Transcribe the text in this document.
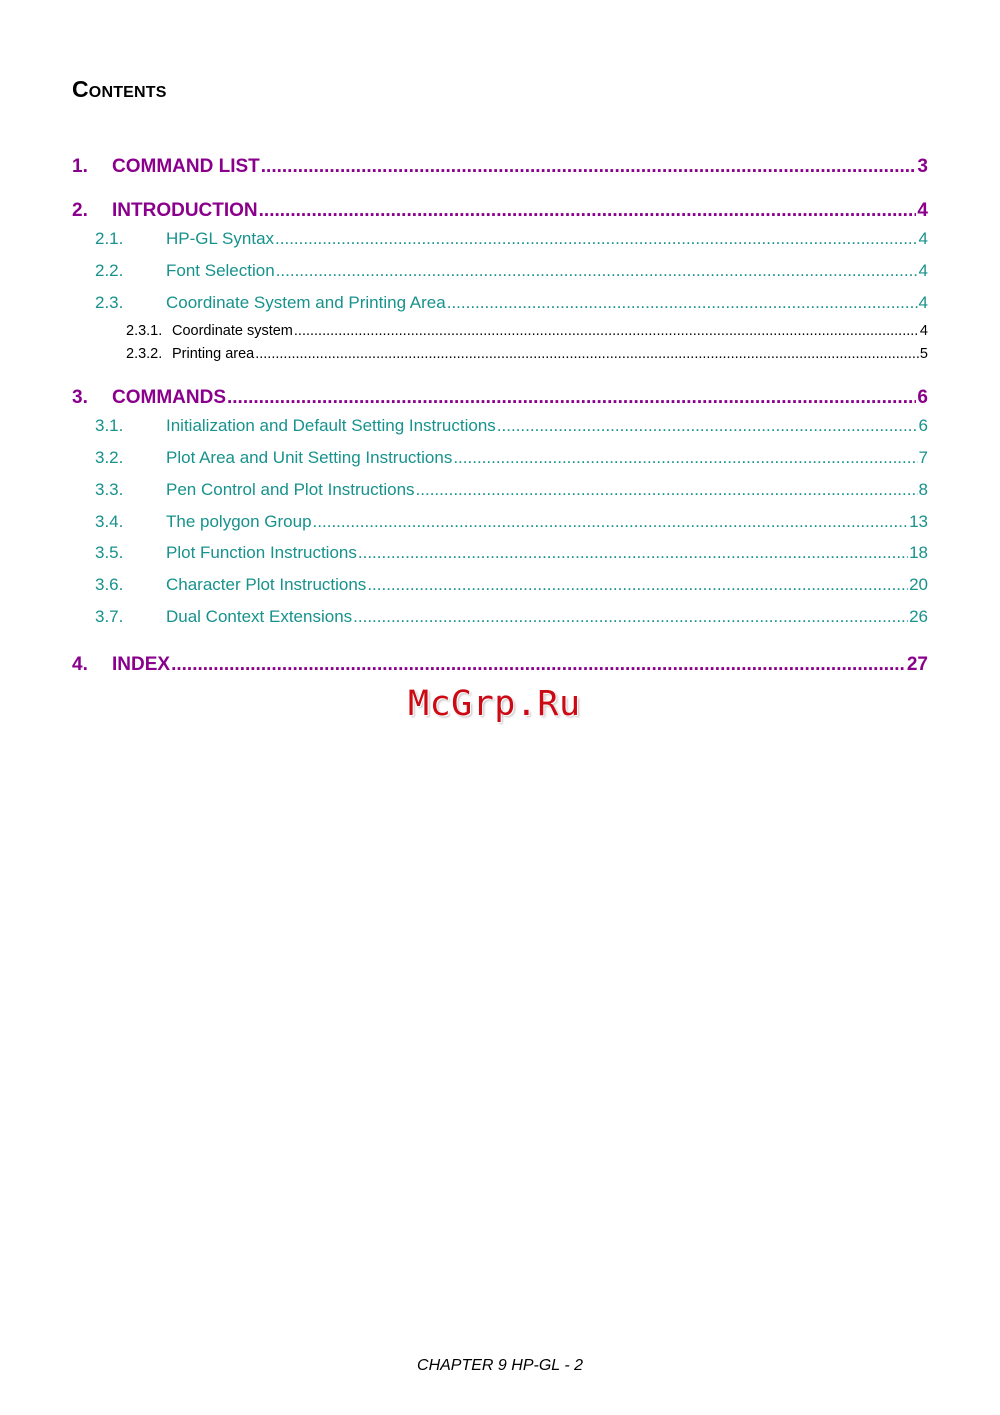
Contents
1.	COMMAND LIST .....	3
2.	INTRODUCTION .....	4
2.1.	HP-GL Syntax .....	4
2.2.	Font Selection .....	4
2.3.	Coordinate System and Printing Area .....	4
2.3.1. Coordinate system .....	4
2.3.2. Printing area .....	5
3.	COMMANDS .....	6
3.1.	Initialization and Default Setting Instructions .....	6
3.2.	Plot Area and Unit Setting Instructions .....	7
3.3.	Pen Control and Plot Instructions .....	8
3.4.	The polygon Group .....	13
3.5.	Plot Function Instructions .....	18
3.6.	Character Plot Instructions .....	20
3.7.	Dual Context Extensions .....	26
4.	INDEX .....	27
McGrp.Ru
CHAPTER 9 HP-GL - 2
